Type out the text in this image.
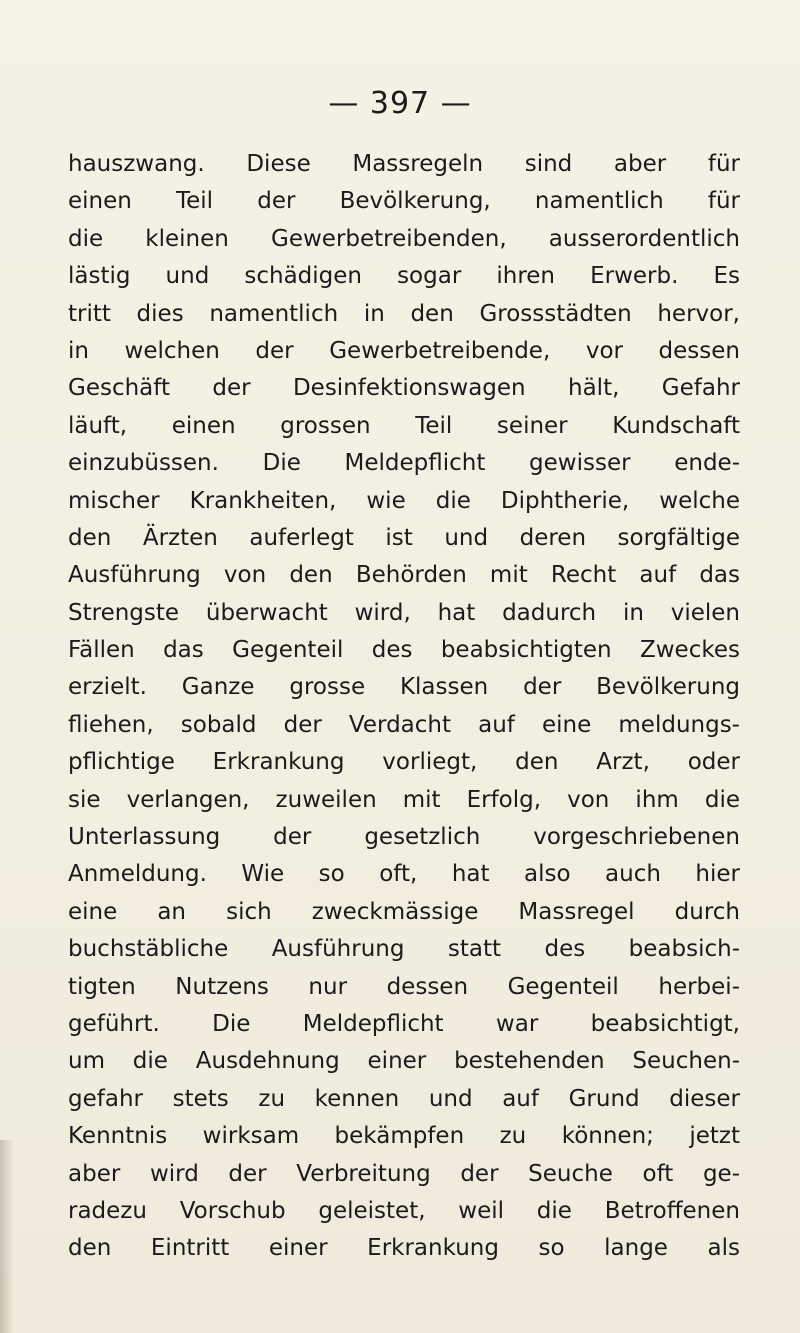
— 397 —
hauszwang. Diese Massregeln sind aber für
einen Teil der Bevölkerung, namentlich für
die kleinen Gewerbetreibenden, ausserordentlich
lästig und schädigen sogar ihren Erwerb. Es
tritt dies namentlich in den Grossstädten hervor,
in welchen der Gewerbetreibende, vor dessen
Geschäft der Desinfektionswagen hält, Gefahr
läuft, einen grossen Teil seiner Kundschaft
einzubüssen. Die Meldepflicht gewisser ende-
mischer Krankheiten, wie die Diphtherie, welche
den Ärzten auferlegt ist und deren sorgfältige
Ausführung von den Behörden mit Recht auf das
Strengste überwacht wird, hat dadurch in vielen
Fällen das Gegenteil des beabsichtigten Zweckes
erzielt. Ganze grosse Klassen der Bevölkerung
fliehen, sobald der Verdacht auf eine meldungs-
pflichtige Erkrankung vorliegt, den Arzt, oder
sie verlangen, zuweilen mit Erfolg, von ihm die
Unterlassung der gesetzlich vorgeschriebenen
Anmeldung. Wie so oft, hat also auch hier
eine an sich zweckmässige Massregel durch
buchstäbliche Ausführung statt des beabsich-
tigten Nutzens nur dessen Gegenteil herbei-
geführt. Die Meldepflicht war beabsichtigt,
um die Ausdehnung einer bestehenden Seuchen-
gefahr stets zu kennen und auf Grund dieser
Kenntnis wirksam bekämpfen zu können; jetzt
aber wird der Verbreitung der Seuche oft ge-
radezu Vorschub geleistet, weil die Betroffenen
den Eintritt einer Erkrankung so lange als
